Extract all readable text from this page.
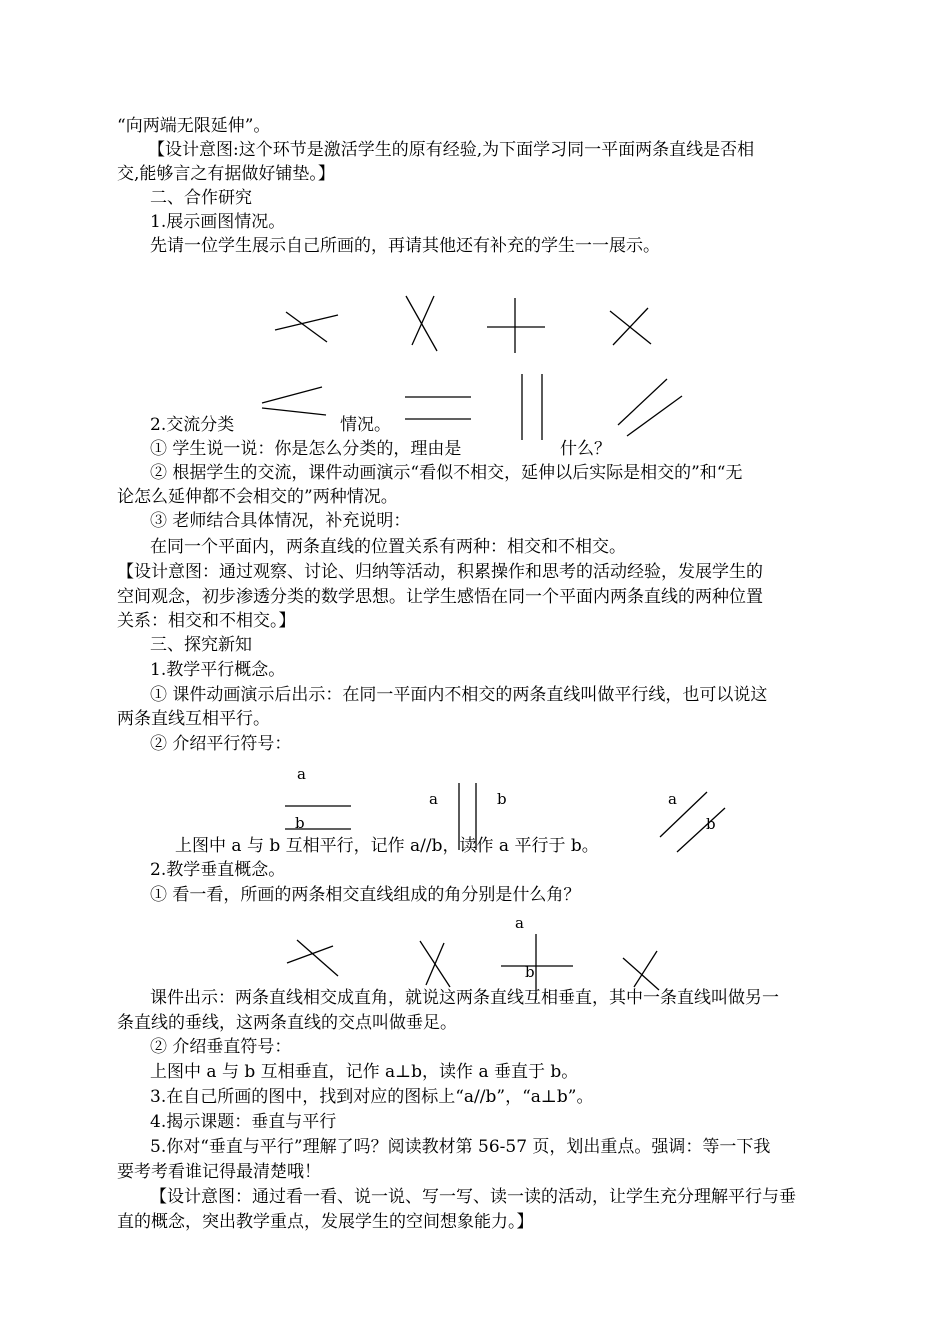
“向两端无限延伸”。
【设计意图:这个环节是激活学生的原有经验,为下面学习同一平面两条直线是否相
交,能够言之有据做好铺垫。】
二、合作研究
1.展示画图情况。
先请一位学生展示自己所画的，再请其他还有补充的学生一一展示。
2.交流分类	情况。
① 学生说一说：你是怎么分类的，理由是	什么？
② 根据学生的交流，课件动画演示“看似不相交，延伸以后实际是相交的”和“无
论怎么延伸都不会相交的”两种情况。
③ 老师结合具体情况，补充说明：
在同一个平面内，两条直线的位置关系有两种：相交和不相交。
【设计意图：通过观察、讨论、归纳等活动，积累操作和思考的活动经验，发展学生的
空间观念，初步渗透分类的数学思想。让学生感悟在同一个平面内两条直线的两种位置
关系：相交和不相交。】
三、探究新知
1.教学平行概念。
① 课件动画演示后出示：在同一平面内不相交的两条直线叫做平行线，也可以说这
两条直线互相平行。
② 介绍平行符号：
上图中 a 与 b 互相平行，记作 a//b，读作 a 平行于 b。
2.教学垂直概念。
① 看一看，所画的两条相交直线组成的角分别是什么角？
课件出示：两条直线相交成直角，就说这两条直线互相垂直，其中一条直线叫做另一
条直线的垂线，这两条直线的交点叫做垂足。
② 介绍垂直符号：
上图中 a 与 b 互相垂直，记作 a⊥b，读作 a 垂直于 b。
3.在自己所画的图中，找到对应的图标上“a//b”，“a⊥b”。
4.揭示课题：垂直与平行
5.你对“垂直与平行”理解了吗？阅读教材第 56-57 页，划出重点。强调：等一下我
要考考看谁记得最清楚哦！
【设计意图：通过看一看、说一说、写一写、读一读的活动，让学生充分理解平行与垂
直的概念，突出教学重点，发展学生的空间想象能力。】
a
b
a	b	a
b
a
b
